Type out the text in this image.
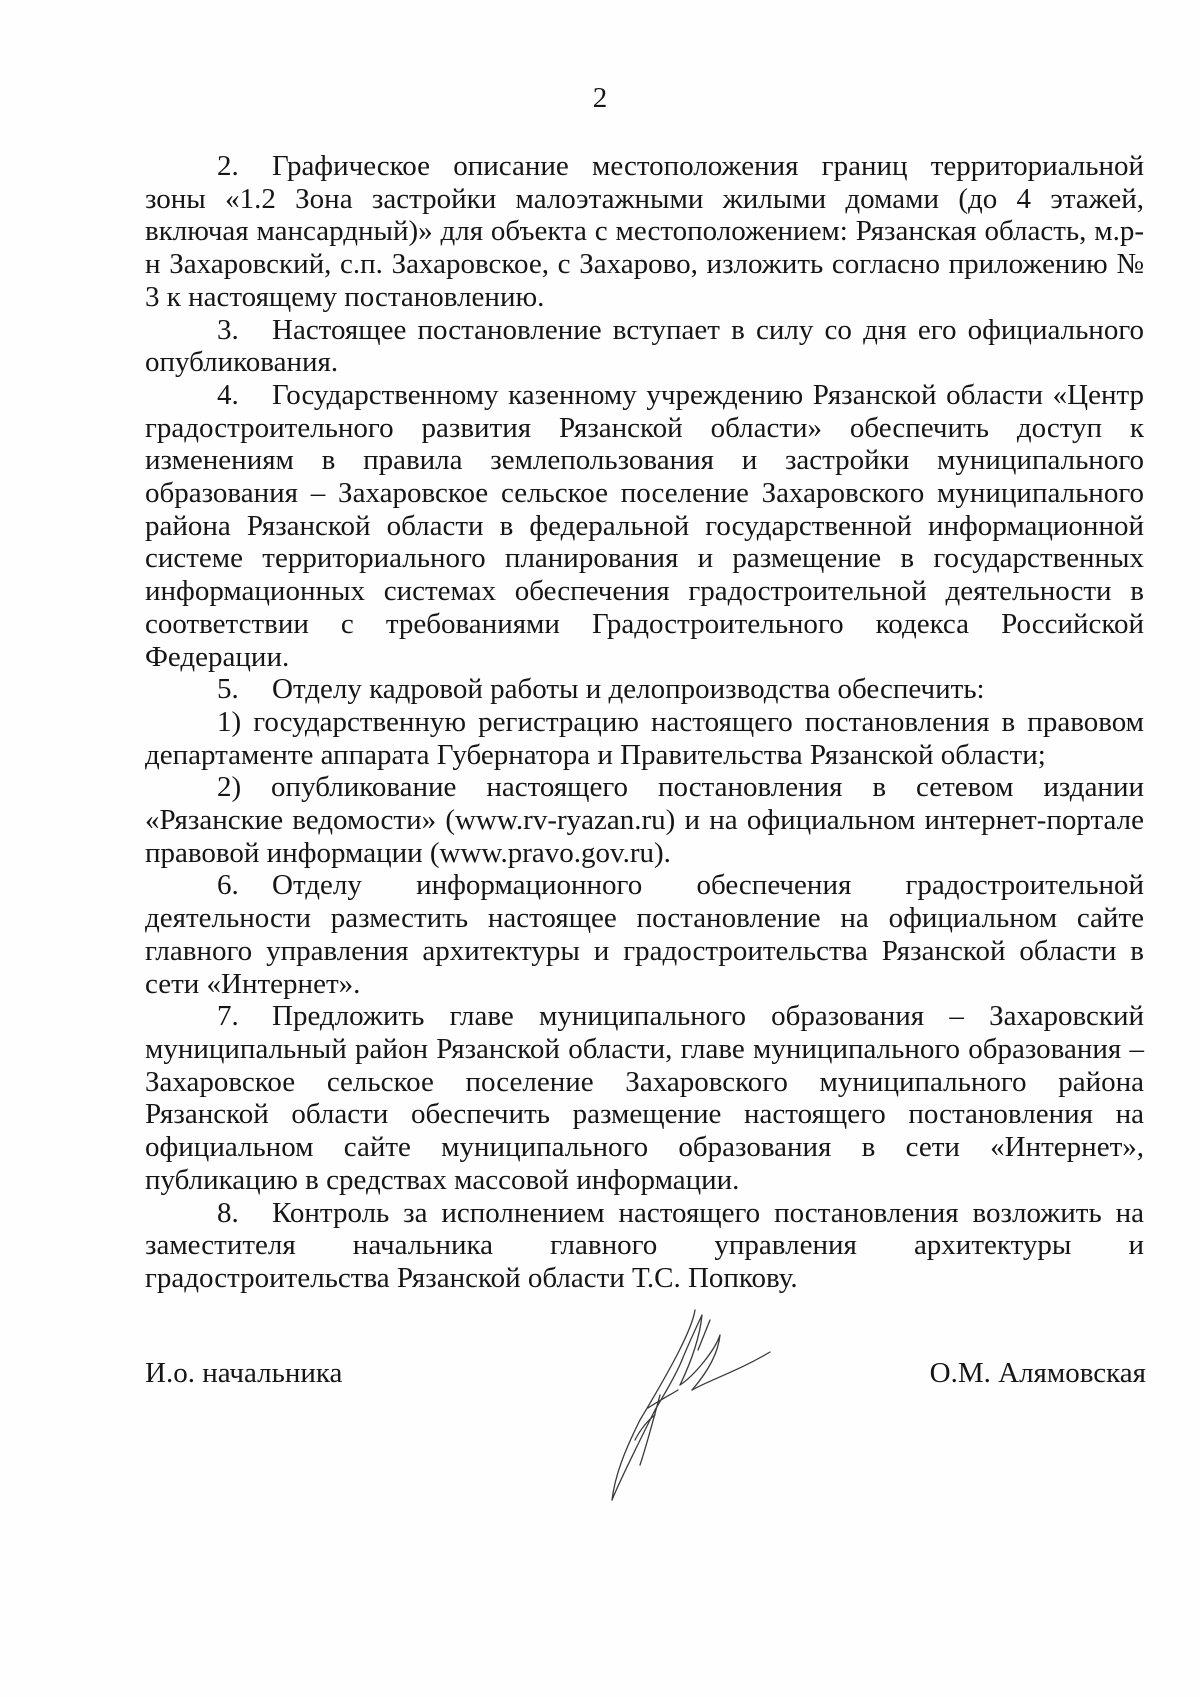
2

2. Графическое описание местоположения границ территориальной зоны «1.2 Зона застройки малоэтажными жилыми домами (до 4 этажей, включая мансардный)» для объекта с местоположением: Рязанская область, м.р-н Захаровский, с.п. Захаровское, с Захарово, изложить согласно приложению № 3 к настоящему постановлению.

3. Настоящее постановление вступает в силу со дня его официального опубликования.

4. Государственному казенному учреждению Рязанской области «Центр градостроительного развития Рязанской области» обеспечить доступ к изменениям в правила землепользования и застройки муниципального образования – Захаровское сельское поселение Захаровского муниципального района Рязанской области в федеральной государственной информационной системе территориального планирования и размещение в государственных информационных системах обеспечения градостроительной деятельности в соответствии с требованиями Градостроительного кодекса Российской Федерации.

5. Отделу кадровой работы и делопроизводства обеспечить:

1) государственную регистрацию настоящего постановления в правовом департаменте аппарата Губернатора и Правительства Рязанской области;

2) опубликование настоящего постановления в сетевом издании «Рязанские ведомости» (www.rv-ryazan.ru) и на официальном интернет-портале правовой информации (www.pravo.gov.ru).

6. Отделу информационного обеспечения градостроительной деятельности разместить настоящее постановление на официальном сайте главного управления архитектуры и градостроительства Рязанской области в сети «Интернет».

7. Предложить главе муниципального образования – Захаровский муниципальный район Рязанской области, главе муниципального образования – Захаровское сельское поселение Захаровского муниципального района Рязанской области обеспечить размещение настоящего постановления на официальном сайте муниципального образования в сети «Интернет», публикацию в средствах массовой информации.

8. Контроль за исполнением настоящего постановления возложить на заместителя начальника главного управления архитектуры и градостроительства Рязанской области Т.С. Попкову.

И.о. начальника	О.М. Алямовская
